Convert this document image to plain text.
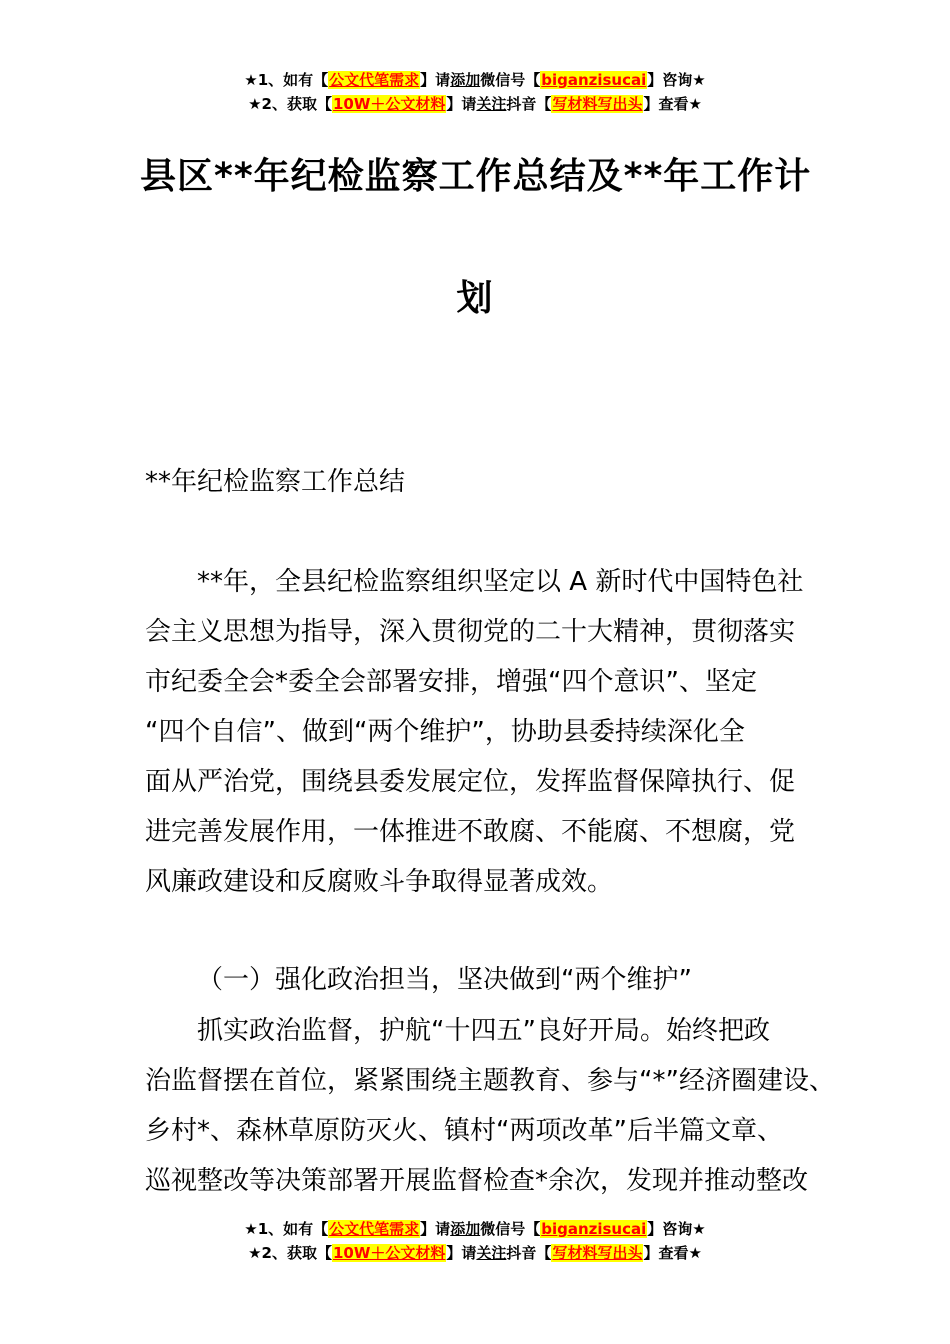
★1、如有【公文代笔需求】请添加微信号【biganzisucai】咨询★
★2、获取【10W＋公文材料】请关注抖音【写材料写出头】查看★
县区**年纪检监察工作总结及**年工作计
划
**年纪检监察工作总结
**年，全县纪检监察组织坚定以 A 新时代中国特色社
会主义思想为指导，深入贯彻党的二十大精神，贯彻落实
市纪委全会*委全会部署安排，增强“四个意识”、坚定
“四个自信”、做到“两个维护”，协助县委持续深化全
面从严治党，围绕县委发展定位，发挥监督保障执行、促
进完善发展作用，一体推进不敢腐、不能腐、不想腐，党
风廉政建设和反腐败斗争取得显著成效。
（一）强化政治担当，坚决做到“两个维护”
抓实政治监督，护航“十四五”良好开局。始终把政
治监督摆在首位，紧紧围绕主题教育、参与“*”经济圈建设、
乡村*、森林草原防灭火、镇村“两项改革”后半篇文章、
巡视整改等决策部署开展监督检查*余次，发现并推动整改
★1、如有【公文代笔需求】请添加微信号【biganzisucai】咨询★
★2、获取【10W＋公文材料】请关注抖音【写材料写出头】查看★
